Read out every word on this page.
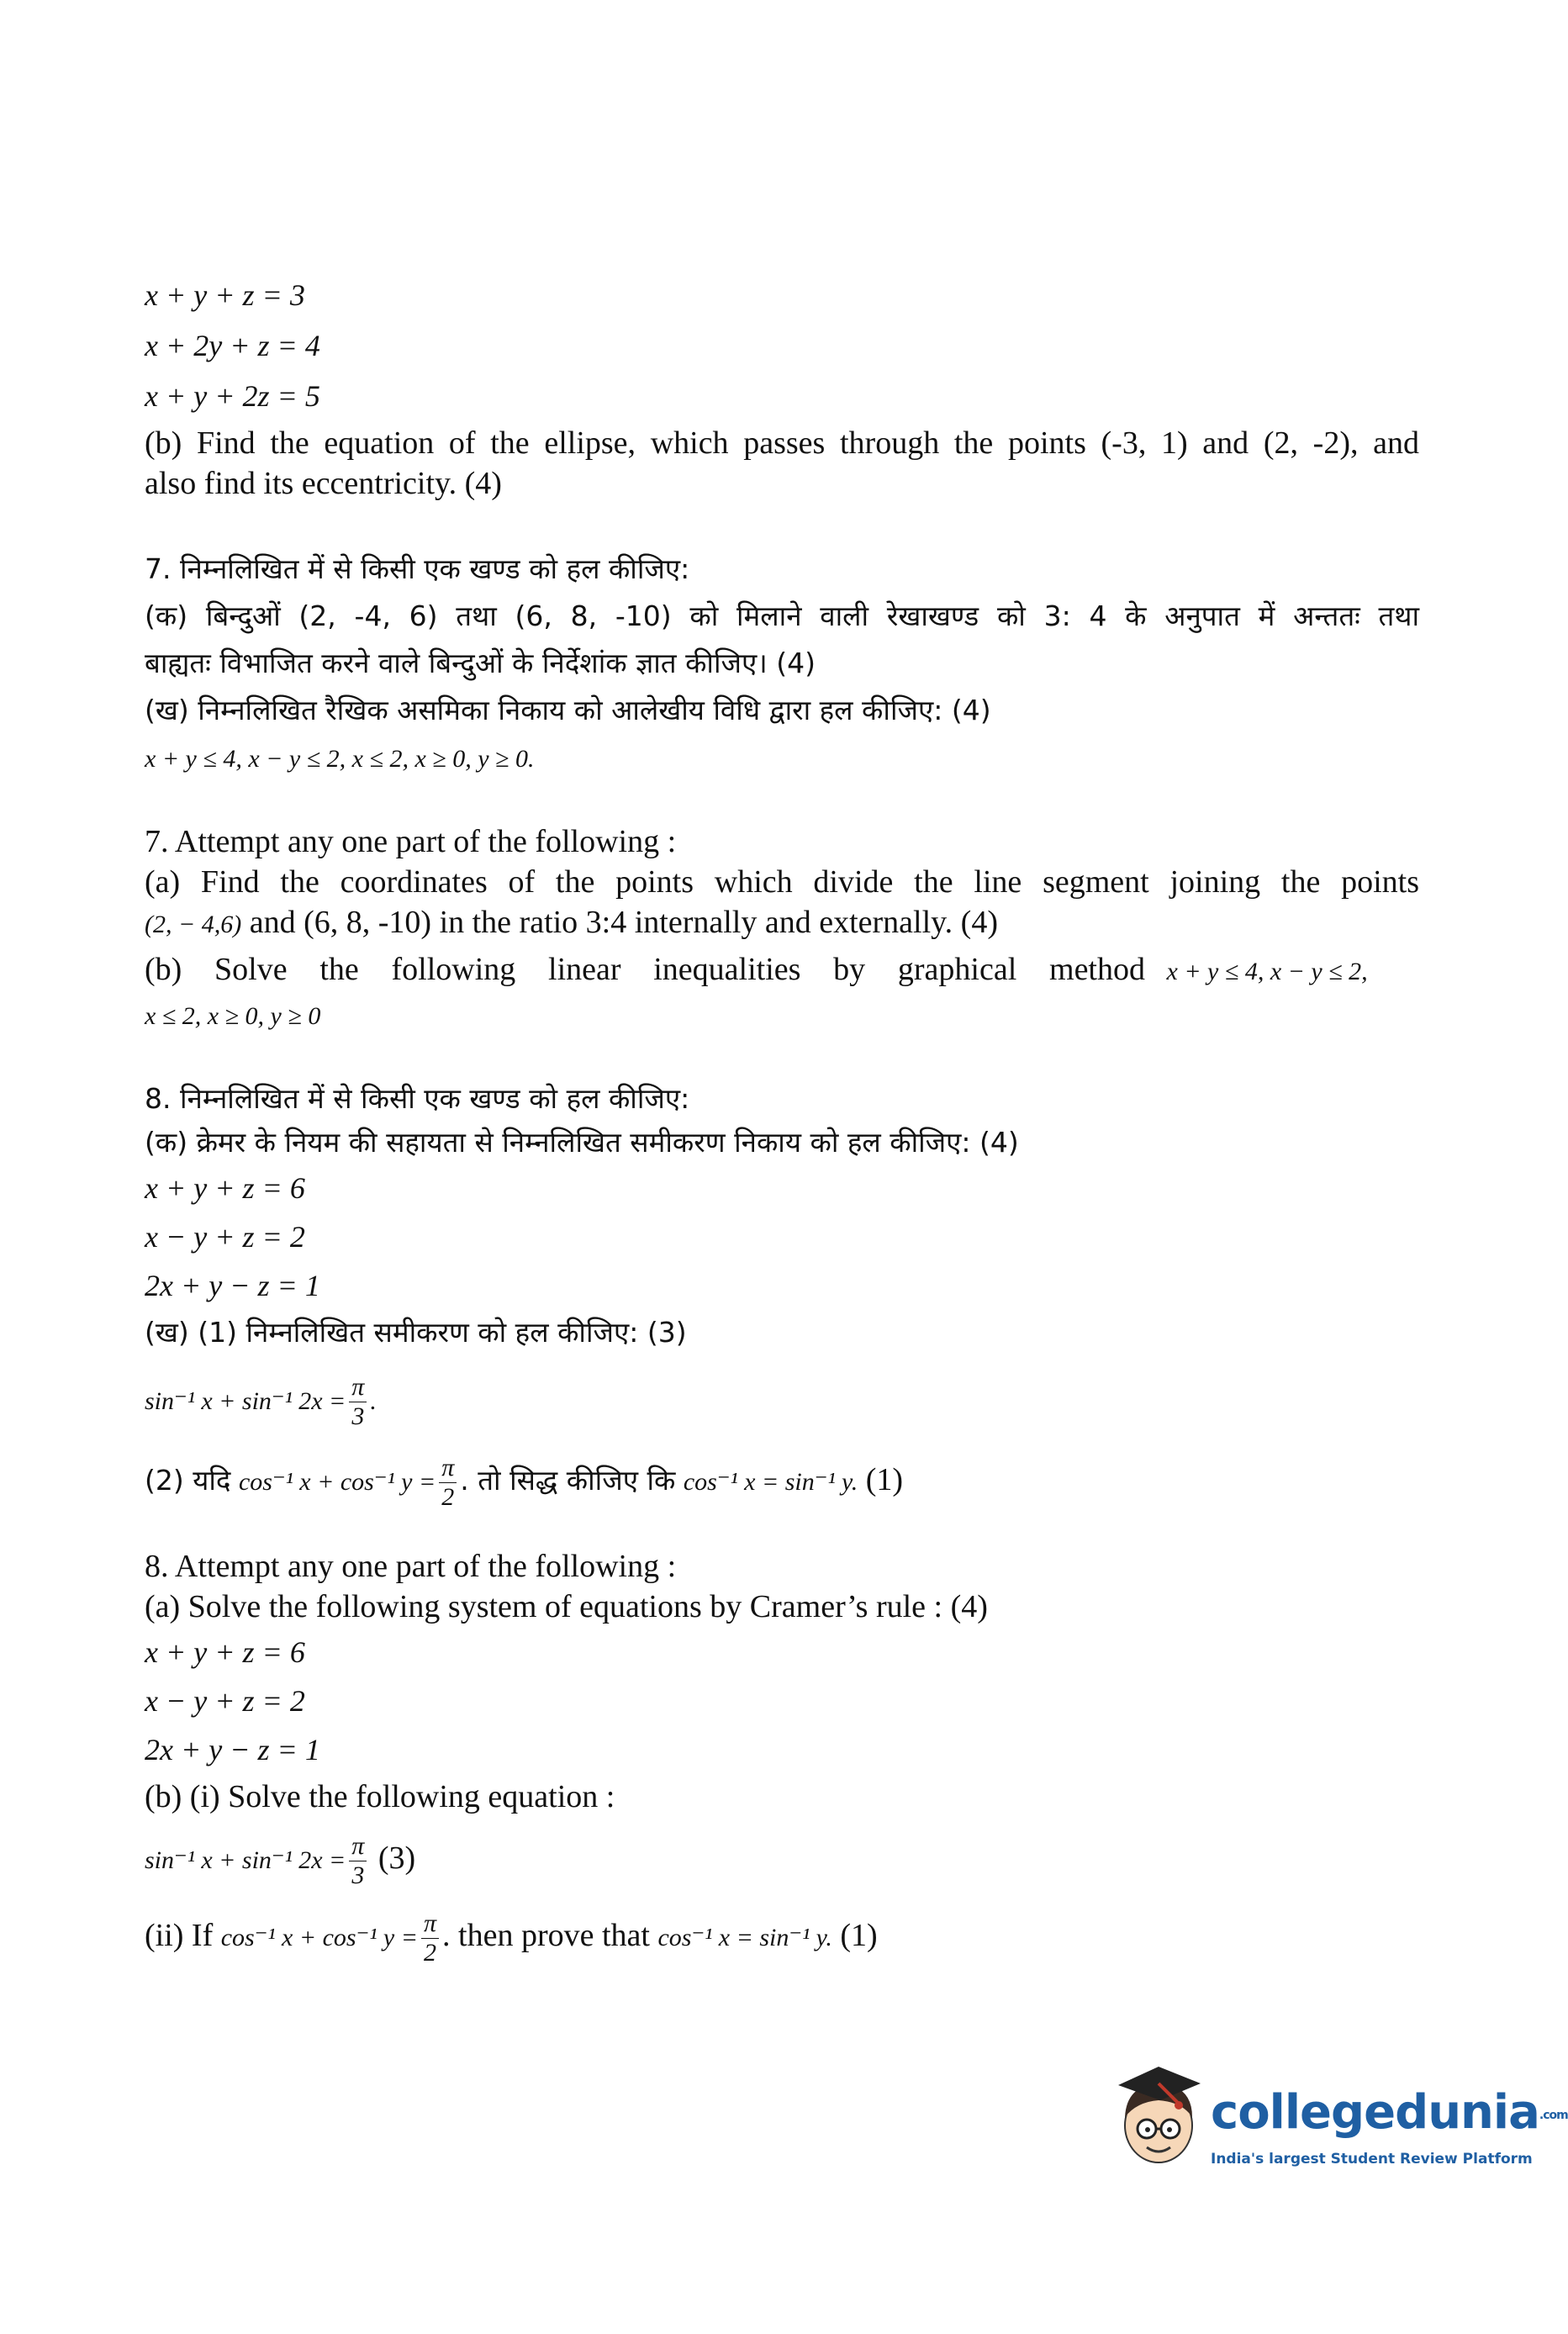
x + y + z = 3
x + 2y + z = 4
x + y + 2z = 5
(b) Find the equation of the ellipse, which passes through the points (-3, 1) and (2, -2), and
also find its eccentricity. (4)
7. निम्नलिखित में से किसी एक खण्ड को हल कीजिए:
(क) बिन्दुओं (2, -4, 6) तथा (6, 8, -10) को मिलाने वाली रेखाखण्ड को 3: 4 के अनुपात में अन्ततः तथा
बाह्यतः विभाजित करने वाले बिन्दुओं के निर्देशांक ज्ञात कीजिए। (4)
(ख) निम्नलिखित रैखिक असमिका निकाय को आलेखीय विधि द्वारा हल कीजिए: (4)
x + y ≤ 4, x − y ≤ 2, x ≤ 2, x ≥ 0, y ≥ 0.
7. Attempt any one part of the following :
(a) Find the coordinates of the points which divide the line segment joining the points
(2, − 4,6) and (6, 8, -10) in the ratio 3:4 internally and externally. (4)
(b) Solve the following linear inequalities by graphical method x + y ≤ 4, x − y ≤ 2,
x ≤ 2, x ≥ 0, y ≥ 0
8. निम्नलिखित में से किसी एक खण्ड को हल कीजिए:
(क) क्रेमर के नियम की सहायता से निम्नलिखित समीकरण निकाय को हल कीजिए: (4)
x + y + z = 6
x − y + z = 2
2x + y − z = 1
(ख) (1) निम्नलिखित समीकरण को हल कीजिए: (3)
sin⁻¹ x + sin⁻¹ $2x = \frac{\pi}{3}$ .
(2) यदि cos⁻¹ x + cos⁻¹ $y = \frac{\pi}{2}$ . तो सिद्ध कीजिए कि cos⁻¹ x = sin⁻¹ y. (1)
8. Attempt any one part of the following :
(a) Solve the following system of equations by Cramer’s rule : (4)
x + y + z = 6
x − y + z = 2
2x + y − z = 1
(b) (i) Solve the following equation :
sin⁻¹ x + sin⁻¹ $2x = \frac{\pi}{3} (3)$
(ii) If cos⁻¹ x + cos⁻¹ $y = \frac{\pi}{2}$ . then prove that cos⁻¹ x = sin⁻¹ y. (1)
collegedunia.com
India's largest Student Review Platform
